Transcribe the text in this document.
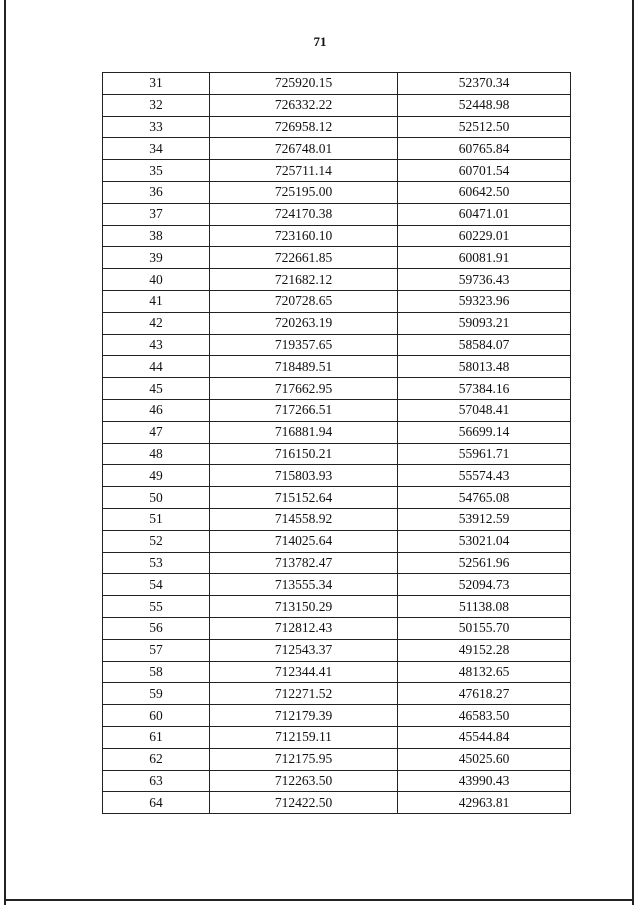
71
31	725920.15	52370.34
32	726332.22	52448.98
33	726958.12	52512.50
34	726748.01	60765.84
35	725711.14	60701.54
36	725195.00	60642.50
37	724170.38	60471.01
38	723160.10	60229.01
39	722661.85	60081.91
40	721682.12	59736.43
41	720728.65	59323.96
42	720263.19	59093.21
43	719357.65	58584.07
44	718489.51	58013.48
45	717662.95	57384.16
46	717266.51	57048.41
47	716881.94	56699.14
48	716150.21	55961.71
49	715803.93	55574.43
50	715152.64	54765.08
51	714558.92	53912.59
52	714025.64	53021.04
53	713782.47	52561.96
54	713555.34	52094.73
55	713150.29	51138.08
56	712812.43	50155.70
57	712543.37	49152.28
58	712344.41	48132.65
59	712271.52	47618.27
60	712179.39	46583.50
61	712159.11	45544.84
62	712175.95	45025.60
63	712263.50	43990.43
64	712422.50	42963.81
